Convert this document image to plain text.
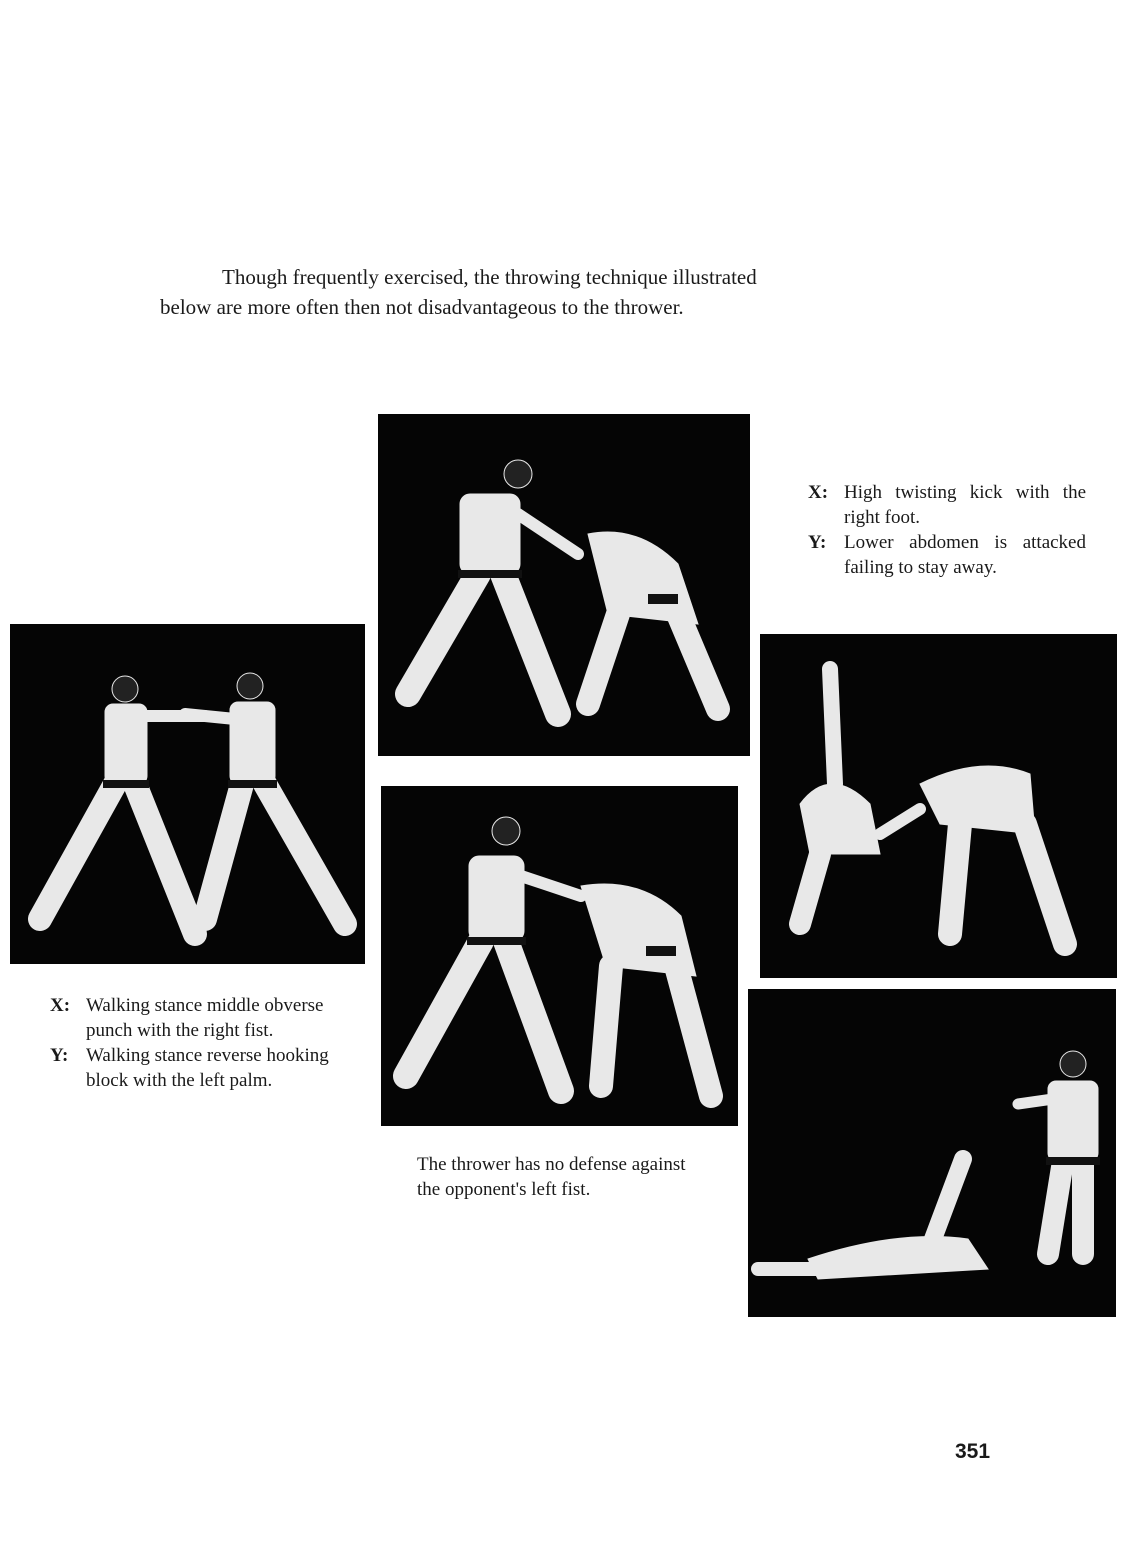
Though frequently exercised, the throwing technique illustrated

below are more often then not disadvantageous to the thrower.

X: High twisting kick with the right foot.
Y: Lower abdomen is attacked failing to stay away.
X: Walking stance middle obverse punch with the right fist.
Y: Walking stance reverse hooking block with the left palm.

The thrower has no defense against the opponent's left fist.

351
